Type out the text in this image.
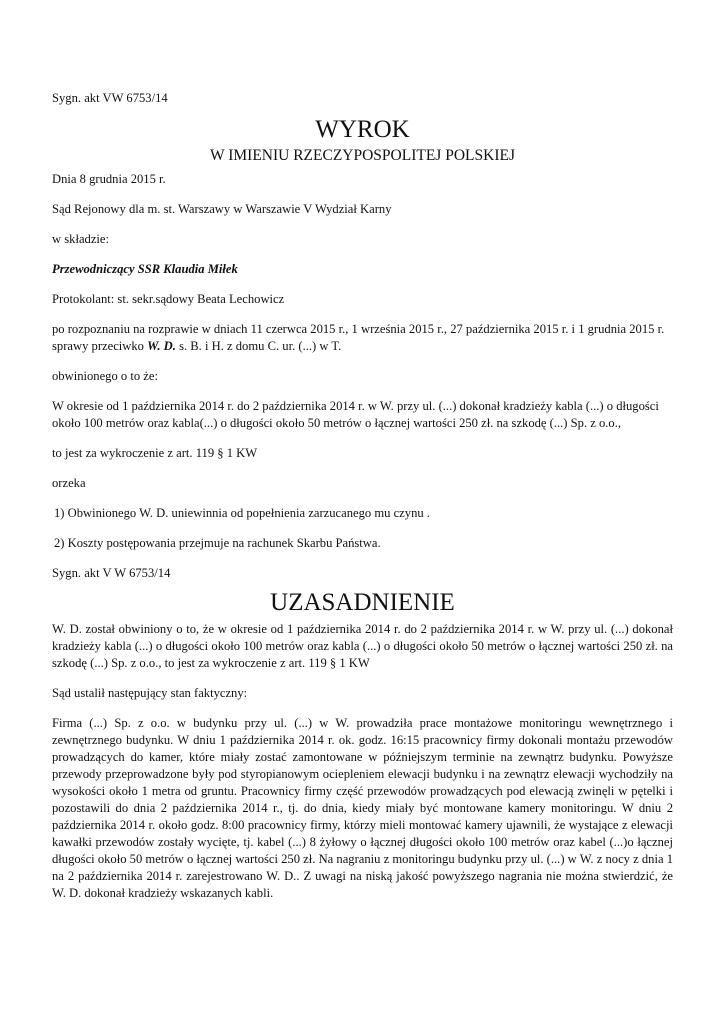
Sygn. akt VW 6753/14

WYROK
W IMIENIU RZECZYPOSPOLITEJ POLSKIEJ

Dnia 8 grudnia 2015 r.

Sąd Rejonowy dla m. st. Warszawy w Warszawie V Wydział Karny

w składzie:

Przewodniczący SSR Klaudia Miłek

Protokolant: st. sekr.sądowy Beata Lechowicz

po rozpoznaniu na rozprawie w dniach 11 czerwca 2015 r., 1 września 2015 r., 27 października 2015 r. i 1 grudnia 2015 r. sprawy przeciwko W. D. s. B. i H. z domu C. ur. (...) w T.

obwinionego o to że:

W okresie od 1 października 2014 r. do 2 października 2014 r. w W. przy ul. (...) dokonał kradzieży kabla (...) o długości około 100 metrów oraz kabla(...) o długości około 50 metrów o łącznej wartości 250 zł. na szkodę (...) Sp. z o.o.,

to jest za wykroczenie z art. 119 § 1 KW

orzeka

1) Obwinionego W. D. uniewinnia od popełnienia zarzucanego mu czynu .

2) Koszty postępowania przejmuje na rachunek Skarbu Państwa.

Sygn. akt V W 6753/14

UZASADNIENIE

W. D. został obwiniony o to, że w okresie od 1 października 2014 r. do 2 października 2014 r. w W. przy ul. (...) dokonał kradzieży kabla (...) o długości około 100 metrów oraz kabla (...) o długości około 50 metrów o łącznej wartości 250 zł. na szkodę (...) Sp. z o.o., to jest za wykroczenie z art. 119 § 1 KW

Sąd ustalił następujący stan faktyczny:

Firma (...) Sp. z o.o. w budynku przy ul. (...) w W. prowadziła prace montażowe monitoringu wewnętrznego i zewnętrznego budynku. W dniu 1 października 2014 r. ok. godz. 16:15 pracownicy firmy dokonali montażu przewodów prowadzących do kamer, które miały zostać zamontowane w późniejszym terminie na zewnątrz budynku. Powyższe przewody przeprowadzone były pod styropianowym ociepleniem elewacji budynku i na zewnątrz elewacji wychodziły na wysokości około 1 metra od gruntu. Pracownicy firmy część przewodów prowadzących pod elewacją zwinęli w pętelki i pozostawili do dnia 2 października 2014 r., tj. do dnia, kiedy miały być montowane kamery monitoringu. W dniu 2 października 2014 r. około godz. 8:00 pracownicy firmy, którzy mieli montować kamery ujawnili, że wystające z elewacji kawałki przewodów zostały wycięte, tj. kabel (...) 8 żyłowy o łącznej długości około 100 metrów oraz kabel (...)o łącznej długości około 50 metrów o łącznej wartości 250 zł. Na nagraniu z monitoringu budynku przy ul. (...) w W. z nocy z dnia 1 na 2 października 2014 r. zarejestrowano W. D.. Z uwagi na niską jakość powyższego nagrania nie można stwierdzić, że W. D. dokonał kradzieży wskazanych kabli.
